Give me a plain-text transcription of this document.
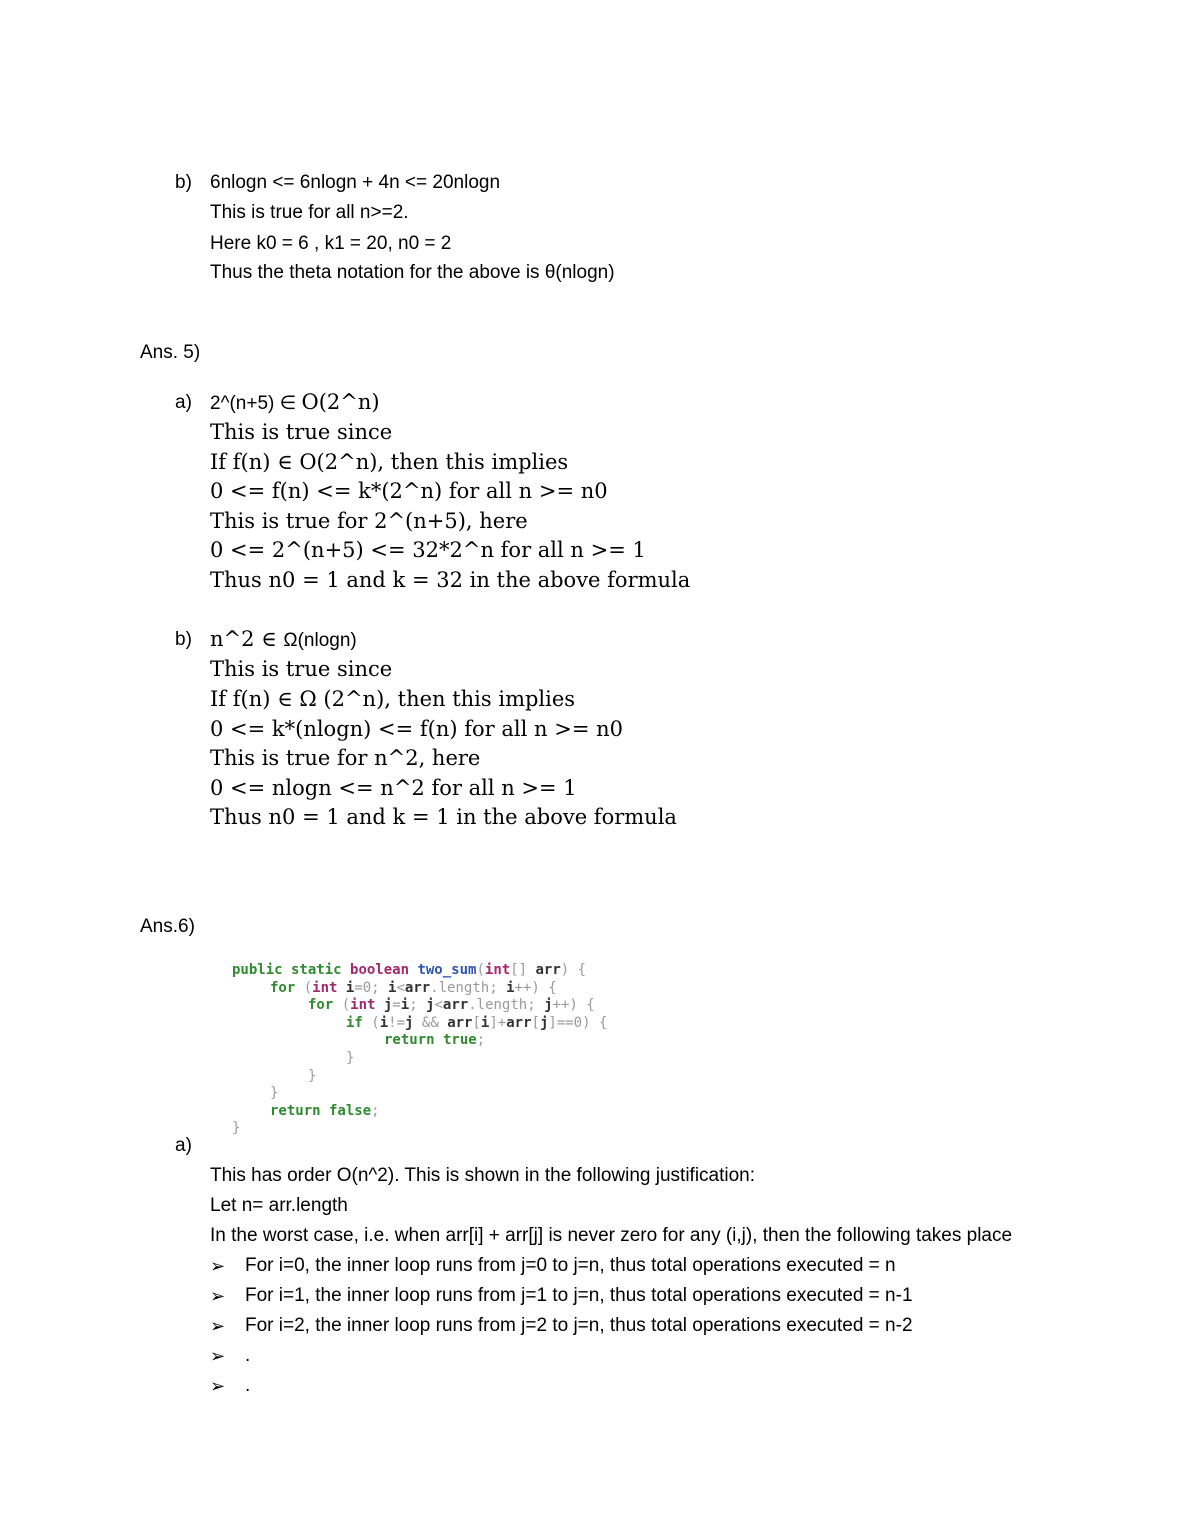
b) 6nlogn <= 6nlogn + 4n <= 20nlogn
This is true for all n>=2.
Here k0 = 6 , k1 = 20, n0 = 2
Thus the theta notation for the above is θ(nlogn)
Ans. 5)
a) 2^(n+5) ∈ O(2^n)
This is true since
If f(n) ∈ O(2^n), then this implies
0 <= f(n) <= k*(2^n) for all n >= n0
This is true for 2^(n+5), here
0 <= 2^(n+5) <= 32*2^n for all n >= 1
Thus n0 = 1 and k = 32 in the above formula
b) n^2 ∈ Ω(nlogn)
This is true since
If f(n) ∈ Ω (2^n), then this implies
0 <= k*(nlogn) <= f(n) for all n >= n0
This is true for n^2, here
0 <= nlogn <= n^2 for all n >= 1
Thus n0 = 1 and k = 1 in the above formula
Ans.6)
public static boolean two_sum(int[] arr) {
for (int i=0; i<arr.length; i++) {
for (int j=i; j<arr.length; j++) {
if (i!=j && arr[i]+arr[j]==0) {
return true;
}
}
}
return false;
}
a)
This has order O(n^2). This is shown in the following justification:
Let n= arr.length
In the worst case, i.e. when arr[i] + arr[j] is never zero for any (i,j), then the following takes place
➢ For i=0, the inner loop runs from j=0 to j=n, thus total operations executed = n
➢ For i=1, the inner loop runs from j=1 to j=n, thus total operations executed = n-1
➢ For i=2, the inner loop runs from j=2 to j=n, thus total operations executed = n-2
➢ .
➢ .
